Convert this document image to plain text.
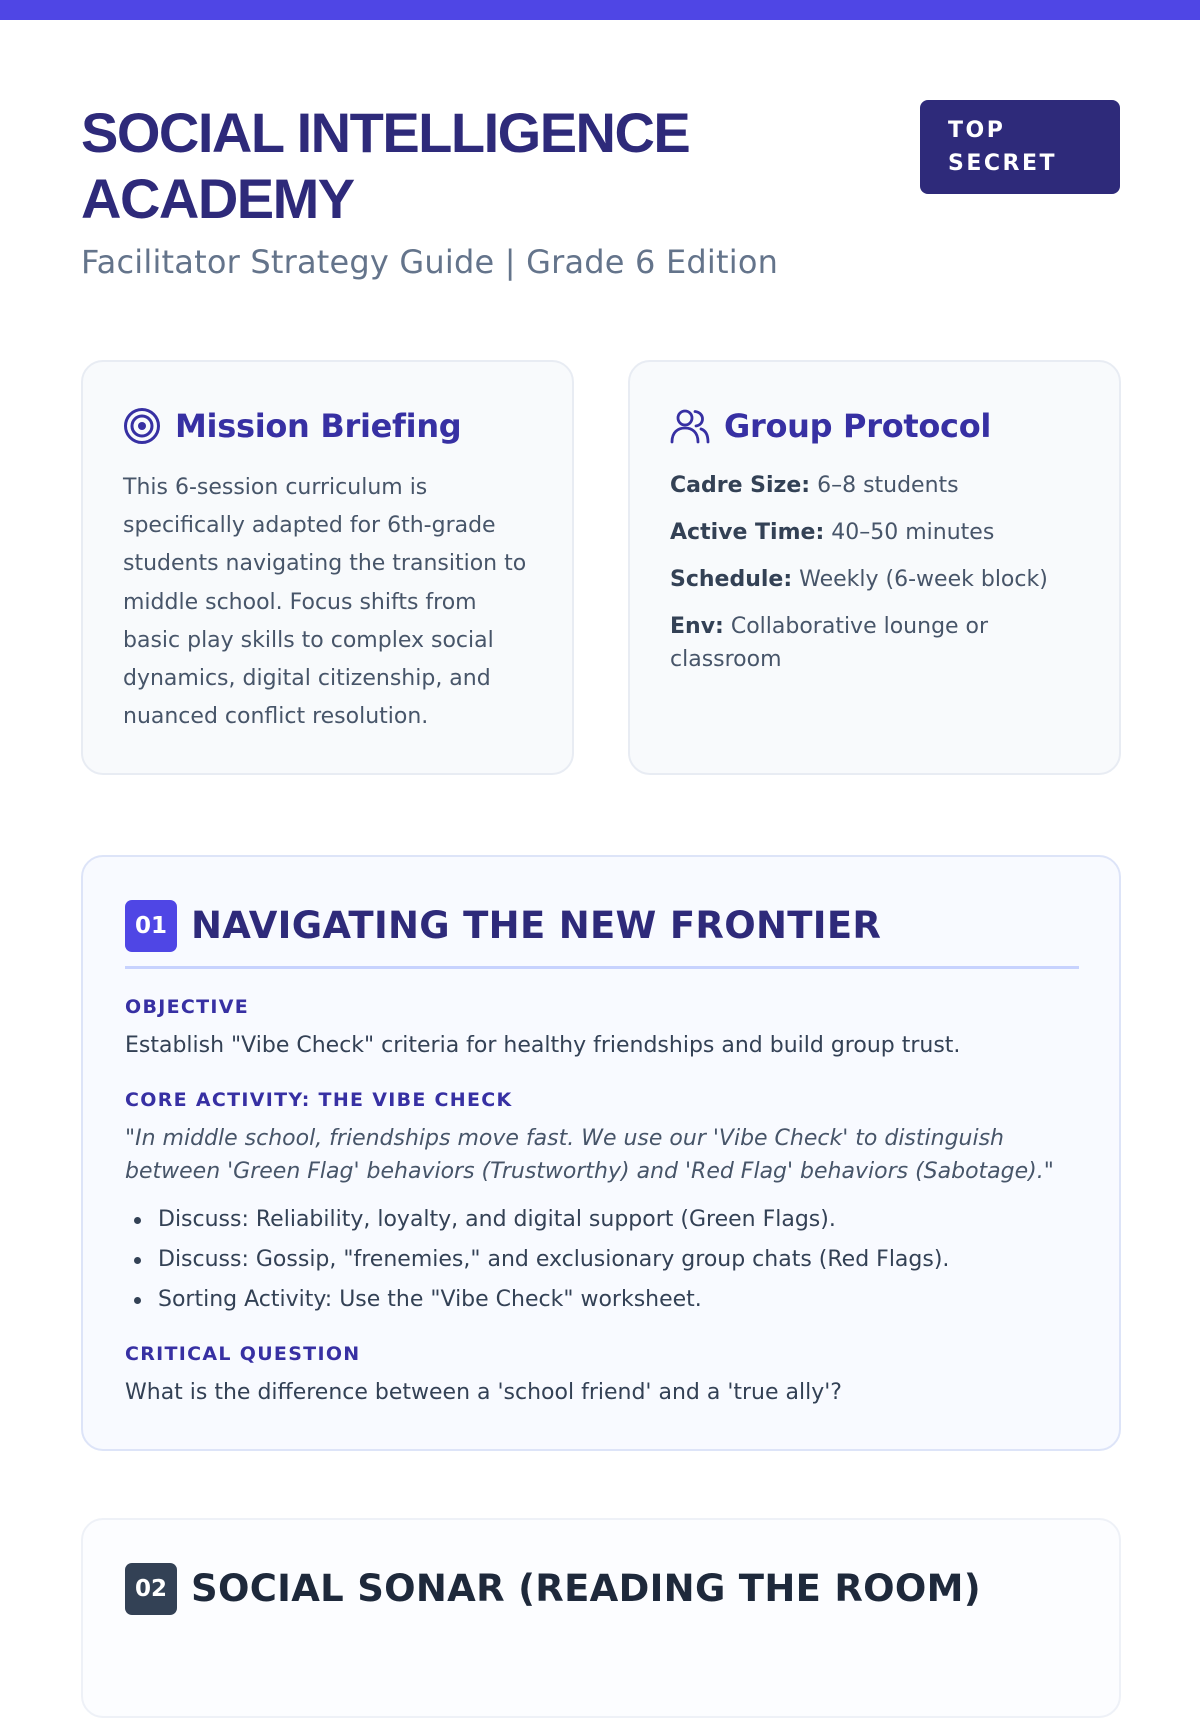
SOCIAL INTELLIGENCE ACADEMY
Facilitator Strategy Guide | Grade 6 Edition
TOP
SECRET
Mission Briefing

This 6-session curriculum is specifically adapted for 6th-grade students navigating the transition to middle school. Focus shifts from basic play skills to complex social dynamics, digital citizenship, and nuanced conflict resolution.

Group Protocol
Cadre Size: 6–8 students
Active Time: 40–50 minutes
Schedule: Weekly (6-week block)
Env: Collaborative lounge or classroom
01 NAVIGATING THE NEW FRONTIER
OBJECTIVE
Establish "Vibe Check" criteria for healthy friendships and build group trust.
CORE ACTIVITY: THE VIBE CHECK

"In middle school, friendships move fast. We use our 'Vibe Check' to distinguish between 'Green Flag' behaviors (Trustworthy) and 'Red Flag' behaviors (Sabotage)."

Discuss: Reliability, loyalty, and digital support (Green Flags).
Discuss: Gossip, "frenemies," and exclusionary group chats (Red Flags).
Sorting Activity: Use the "Vibe Check" worksheet.
CRITICAL QUESTION
What is the difference between a 'school friend' and a 'true ally'?
02 SOCIAL SONAR (READING THE ROOM)
